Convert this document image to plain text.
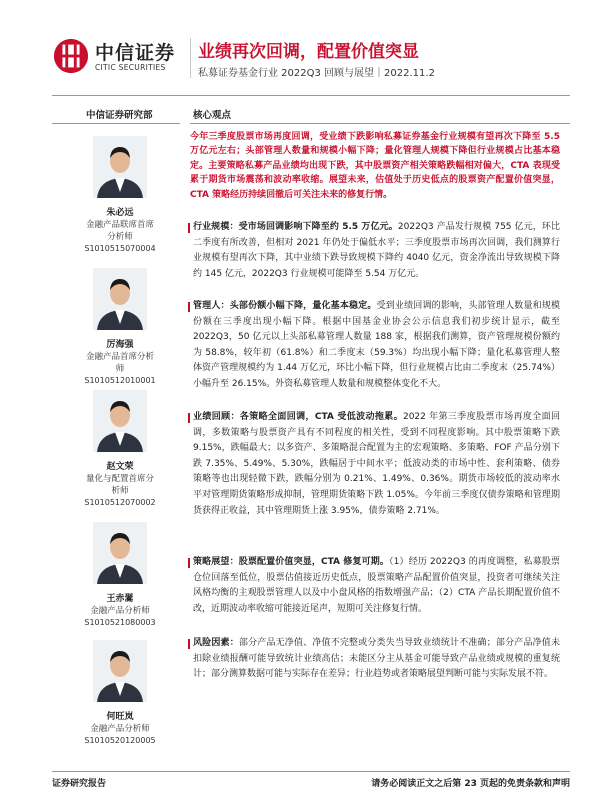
中信证券
CITIC SECURITIES
业绩再次回调，配置价值突显
私募证券基金行业 2022Q3 回顾与展望｜2022.11.2
中信证券研究部	核心观点

今年三季度股票市场再度回调，受业绩下跌影响私募证券基金行业规模有望再次下降至 5.5 万亿元左右；头部管理人数量和规模小幅下降；量化管理人规模下降但行业规模占比基本稳定。主要策略私募产品业绩均出现下跌，其中股票资产相关策略跌幅相对偏大，CTA 表现受累于期货市场震荡和波动率收缩。展望未来，估值处于历史低点的股票资产配置价值突显，CTA 策略经历持续回撤后可关注未来的修复行情。

行业规模：受市场回调影响下降至约 5.5 万亿元。2022Q3 产品发行规模 755 亿元，环比二季度有所改善，但相对 2021 年仍处于偏低水平；三季度股票市场再次回调，我们测算行业规模有望再次下降，其中业绩下跌导致规模下降约 4040 亿元，资金净流出导致规模下降约 145 亿元，2022Q3 行业规模可能降至 5.54 万亿元。

管理人：头部份额小幅下降，量化基本稳定。受到业绩回调的影响，头部管理人数量和规模份额在三季度出现小幅下降。根据中国基金业协会公示信息我们初步统计显示，截至 2022Q3，50 亿元以上头部私募管理人数量 188 家，根据我们测算，资产管理规模份额约为 58.8%，较年初（61.8%）和二季度末（59.3%）均出现小幅下降；量化私募管理人整体资产管理规模约为 1.44 万亿元，环比小幅下降，但行业规模占比由二季度末（25.74%）小幅升至 26.15%。外资私募管理人数量和规模整体变化不大。

业绩回顾：各策略全面回调，CTA 受低波动拖累。2022 年第三季度股票市场再度全面回调，多数策略与股票资产具有不同程度的相关性，受到不同程度影响。其中股票策略下跌 9.15%，跌幅最大；以多资产、多策略混合配置为主的宏观策略、多策略、FOF 产品分别下跌 7.35%、5.49%、5.30%，跌幅居于中间水平；低波动类的市场中性、套利策略、债券策略等也出现轻微下跌，跌幅分别为 0.21%、1.49%、0.36%。期货市场较低的波动率水平对管理期货策略形成抑制，管理期货策略下跌 1.05%。今年前三季度仅债券策略和管理期货获得正收益，其中管理期货上涨 3.95%，债券策略 2.71%。

策略展望：股票配置价值突显，CTA 修复可期。（1）经历 2022Q3 的再度调整，私募股票仓位回落至低位，股票估值接近历史低点，股票策略产品配置价值突显，投资者可继续关注风格均衡的主观股票管理人以及中小盘风格的指数增强产品；（2）CTA 产品长期配置价值不改，近期波动率收缩可能接近尾声，短期可关注修复行情。

风险因素：部分产品无净值、净值不完整或分类失当导致业绩统计不准确；部分产品净值未扣除业绩报酬可能导致统计业绩高估；未能区分主从基金可能导致产品业绩或规模的重复统计；部分测算数据可能与实际存在差异；行业趋势或者策略展望判断可能与实际发展不符。

朱必远
金融产品联席首席
分析师
S1010515070004
厉海强
金融产品首席分析
师
S1010512010001
赵文荣
量化与配置首席分
析师
S1010512070002
王赤翯
金融产品分析师
S1010521080003
何旺岚
金融产品分析师
S1010520120005
证券研究报告	请务必阅读正文之后第 23 页起的免责条款和声明
